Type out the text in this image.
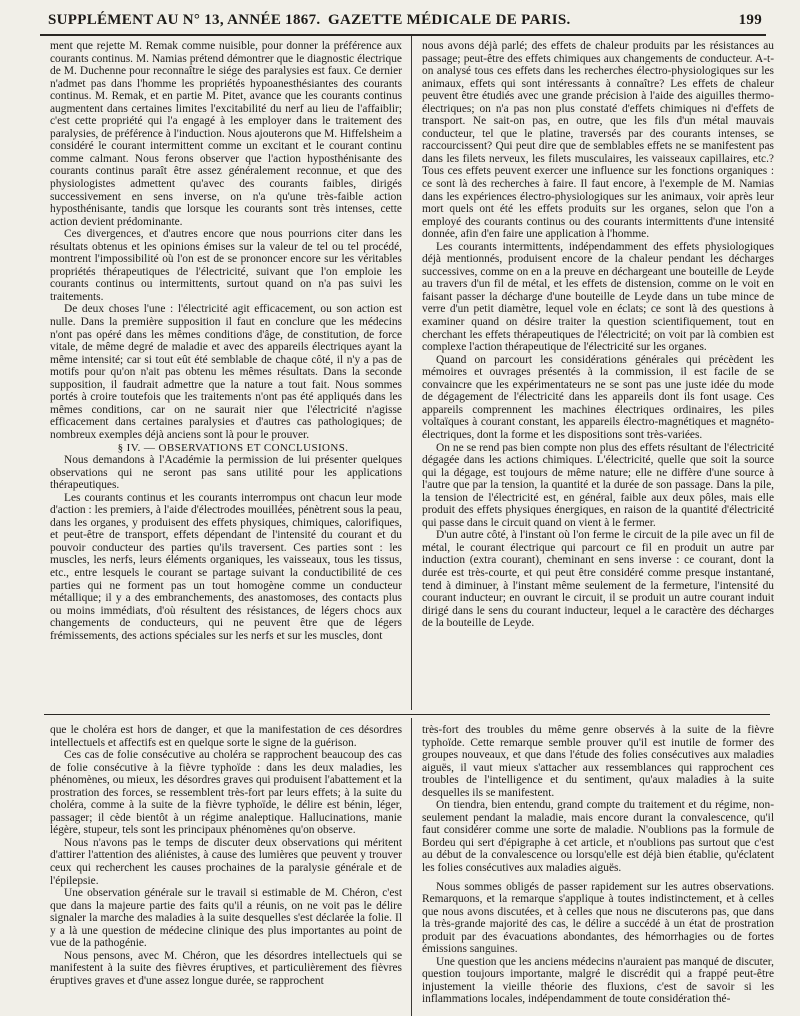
SUPPLÉMENT AU N° 13, ANNÉE 1867. GAZETTE MÉDICALE DE PARIS.	199

ment que rejette M. Remak comme nuisible, pour donner la préférence aux courants continus. M. Namias prétend démontrer que le diagnostic électrique de M. Duchenne pour reconnaître le siége des paralysies est faux. Ce dernier n'admet pas dans l'homme les propriétés hypoanesthésiantes des courants continus. M. Remak, et en partie M. Pitet, avance que les courants continus augmentent dans certaines limites l'excitabilité du nerf au lieu de l'affaiblir; c'est cette propriété qui l'a engagé à les employer dans le traitement des paralysies, de préférence à l'induction. Nous ajouterons que M. Hiffelsheim a considéré le courant intermittent comme un excitant et le courant continu comme calmant. Nous ferons observer que l'action hyposthénisante des courants continus paraît être assez généralement reconnue, et que des physiologistes admettent qu'avec des courants faibles, dirigés successivement en sens inverse, on n'a qu'une très-faible action hyposthénisante, tandis que lorsque les courants sont très intenses, cette action devient prédominante.

Ces divergences, et d'autres encore que nous pourrions citer dans les résultats obtenus et les opinions émises sur la valeur de tel ou tel procédé, montrent l'impossibilité où l'on est de se prononcer encore sur les véritables propriétés thérapeutiques de l'électricité, suivant que l'on emploie les courants continus ou intermittents, surtout quand on n'a pas suivi les traitements.

De deux choses l'une : l'électricité agit efficacement, ou son action est nulle. Dans la première supposition il faut en conclure que les médecins n'ont pas opéré dans les mêmes conditions d'âge, de constitution, de force vitale, de même degré de maladie et avec des appareils électriques ayant la même intensité; car si tout eût été semblable de chaque côté, il n'y a pas de motifs pour qu'on n'ait pas obtenu les mêmes résultats. Dans la seconde supposition, il faudrait admettre que la nature a tout fait. Nous sommes portés à croire toutefois que les traitements n'ont pas été appliqués dans les mêmes conditions, car on ne saurait nier que l'électricité n'agisse efficacement dans certaines paralysies et d'autres cas pathologiques; de nombreux exemples déjà anciens sont là pour le prouver.

§ IV. — OBSERVATIONS ET CONCLUSIONS.

Nous demandons à l'Académie la permission de lui présenter quelques observations qui ne seront pas sans utilité pour les applications thérapeutiques.

Les courants continus et les courants interrompus ont chacun leur mode d'action : les premiers, à l'aide d'électrodes mouillées, pénètrent sous la peau, dans les organes, y produisent des effets physiques, chimiques, calorifiques, et peut-être de transport, effets dépendant de l'intensité du courant et du pouvoir conducteur des parties qu'ils traversent. Ces parties sont : les muscles, les nerfs, leurs éléments organiques, les vaisseaux, tous les tissus, etc., entre lesquels le courant se partage suivant la conductibilité de ces parties qui ne forment pas un tout homogène comme un conducteur métallique; il y a des embranchements, des anastomoses, des contacts plus ou moins immédiats, d'où résultent des résistances, de légers chocs aux changements de conducteurs, qui ne peuvent être que de légers frémissements, des actions spéciales sur les nerfs et sur les muscles, dont

nous avons déjà parlé; des effets de chaleur produits par les résistances au passage; peut-être des effets chimiques aux changements de conducteur. A-t-on analysé tous ces effets dans les recherches électro-physiologiques sur les animaux, effets qui sont intéressants à connaître? Les effets de chaleur peuvent être étudiés avec une grande précision à l'aide des aiguilles thermo-électriques; on n'a pas non plus constaté d'effets chimiques ni d'effets de transport. Ne sait-on pas, en outre, que les fils d'un métal mauvais conducteur, tel que le platine, traversés par des courants intenses, se raccourcissent? Qui peut dire que de semblables effets ne se manifestent pas dans les filets nerveux, les filets musculaires, les vaisseaux capillaires, etc.? Tous ces effets peuvent exercer une influence sur les fonctions organiques : ce sont là des recherches à faire. Il faut encore, à l'exemple de M. Namias dans les expériences électro-physiologiques sur les animaux, voir après leur mort quels ont été les effets produits sur les organes, selon que l'on a employé des courants continus ou des courants intermittents d'une intensité donnée, afin d'en faire une application à l'homme.

Les courants intermittents, indépendamment des effets physiologiques déjà mentionnés, produisent encore de la chaleur pendant les décharges successives, comme on en a la preuve en déchargeant une bouteille de Leyde au travers d'un fil de métal, et les effets de distension, comme on le voit en faisant passer la décharge d'une bouteille de Leyde dans un tube mince de verre d'un petit diamètre, lequel vole en éclats; ce sont là des questions à examiner quand on désire traiter la question scientifiquement, tout en cherchant les effets thérapeutiques de l'électricité; on voit par là combien est complexe l'action thérapeutique de l'électricité sur les organes.

Quand on parcourt les considérations générales qui précèdent les mémoires et ouvrages présentés à la commission, il est facile de se convaincre que les expérimentateurs ne se sont pas une juste idée du mode de dégagement de l'électricité dans les appareils dont ils font usage. Ces appareils comprennent les machines électriques ordinaires, les piles voltaïques à courant constant, les appareils électro-magnétiques et magnéto-électriques, dont la forme et les dispositions sont très-variées.

On ne se rend pas bien compte non plus des effets résultant de l'électricité dégagée dans les actions chimiques. L'électricité, quelle que soit la source qui la dégage, est toujours de même nature; elle ne diffère d'une source à l'autre que par la tension, la quantité et la durée de son passage. Dans la pile, la tension de l'électricité est, en général, faible aux deux pôles, mais elle produit des effets physiques énergiques, en raison de la quantité d'électricité qui passe dans le circuit quand on vient à le fermer.

D'un autre côté, à l'instant où l'on ferme le circuit de la pile avec un fil de métal, le courant électrique qui parcourt ce fil en produit un autre par induction (extra courant), cheminant en sens inverse : ce courant, dont la durée est très-courte, et qui peut être considéré comme presque instantané, tend à diminuer, à l'instant même seulement de la fermeture, l'intensité du courant inducteur; en ouvrant le circuit, il se produit un autre courant induit dirigé dans le sens du courant inducteur, lequel a le caractère des décharges de la bouteille de Leyde.

que le choléra est hors de danger, et que la manifestation de ces désordres intellectuels et affectifs est en quelque sorte le signe de la guérison.

Ces cas de folie consécutive au choléra se rapprochent beaucoup des cas de folie consécutive à la fièvre typhoïde : dans les deux maladies, les phénomènes, ou mieux, les désordres graves qui produisent l'abattement et la prostration des forces, se ressemblent très-fort par leurs effets; à la suite du choléra, comme à la suite de la fièvre typhoïde, le délire est bénin, léger, passager; il cède bientôt à un régime analeptique. Hallucinations, manie légère, stupeur, tels sont les principaux phénomènes qu'on observe.

Nous n'avons pas le temps de discuter deux observations qui méritent d'attirer l'attention des aliénistes, à cause des lumières que peuvent y trouver ceux qui recherchent les causes prochaines de la paralysie générale et de l'épilepsie.

Une observation générale sur le travail si estimable de M. Chéron, c'est que dans la majeure partie des faits qu'il a réunis, on ne voit pas le délire signaler la marche des maladies à la suite desquelles s'est déclarée la folie. Il y a là une question de médecine clinique des plus importantes au point de vue de la pathogénie.

Nous pensons, avec M. Chéron, que les désordres intellectuels qui se manifestent à la suite des fièvres éruptives, et particulièrement des fièvres éruptives graves et d'une assez longue durée, se rapprochent

très-fort des troubles du même genre observés à la suite de la fièvre typhoïde. Cette remarque semble prouver qu'il est inutile de former des groupes nouveaux, et que dans l'étude des folies consécutives aux maladies aiguës, il vaut mieux s'attacher aux ressemblances qui rapprochent ces troubles de l'intelligence et du sentiment, qu'aux maladies à la suite desquelles ils se manifestent.

On tiendra, bien entendu, grand compte du traitement et du régime, non-seulement pendant la maladie, mais encore durant la convalescence, qu'il faut considérer comme une sorte de maladie. N'oublions pas la formule de Bordeu qui sert d'épigraphe à cet article, et n'oublions pas surtout que c'est au début de la convalescence ou lorsqu'elle est déjà bien établie, qu'éclatent les folies consécutives aux maladies aiguës.

Nous sommes obligés de passer rapidement sur les autres observations. Remarquons, et la remarque s'applique à toutes indistinctement, et à celles que nous avons discutées, et à celles que nous ne discuterons pas, que dans la très-grande majorité des cas, le délire a succédé à un état de prostration produit par des évacuations abondantes, des hémorrhagies ou de fortes émissions sanguines.

Une question que les anciens médecins n'auraient pas manqué de discuter, question toujours importante, malgré le discrédit qui a frappé peut-être injustement la vieille théorie des fluxions, c'est de savoir si les inflammations locales, indépendamment de toute considération thé-
